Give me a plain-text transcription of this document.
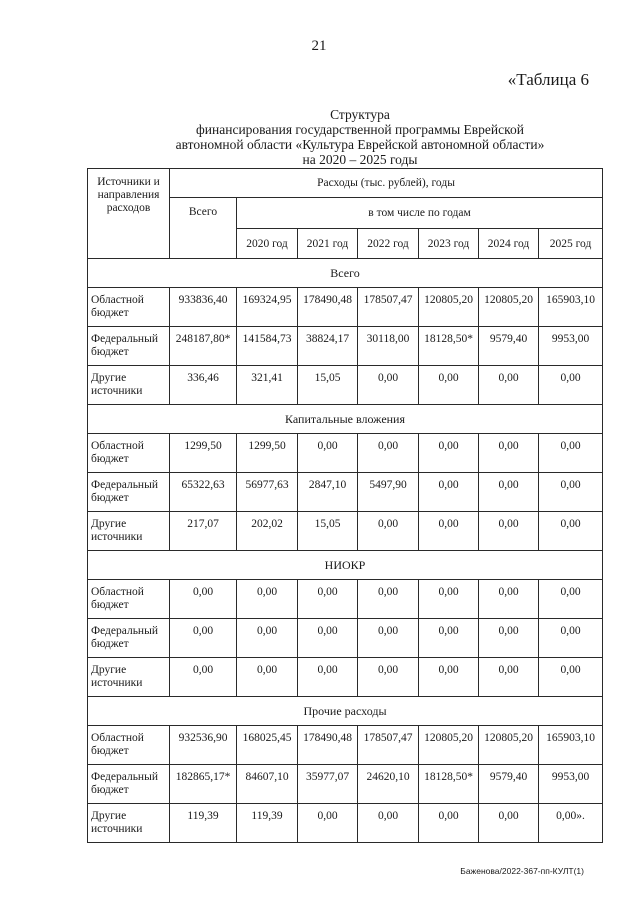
21
«Таблица 6
Структура
финансирования государственной программы Еврейской
автономной области «Культура Еврейской автономной области»
на 2020 – 2025 годы
Источники и направления расходов	Расходы (тыс. рублей), годы						
	Всего	в том числе по годам					
		2020 год	2021 год	2022 год	2023 год	2024 год	2025 год
Всего							
Областной бюджет	933836,40	169324,95	178490,48	178507,47	120805,20	120805,20	165903,10
Федеральный бюджет	248187,80*	141584,73	38824,17	30118,00	18128,50*	9579,40	9953,00
Другие источники	336,46	321,41	15,05	0,00	0,00	0,00	0,00
Капитальные вложения							
Областной бюджет	1299,50	1299,50	0,00	0,00	0,00	0,00	0,00
Федеральный бюджет	65322,63	56977,63	2847,10	5497,90	0,00	0,00	0,00
Другие источники	217,07	202,02	15,05	0,00	0,00	0,00	0,00
НИОКР							
Областной бюджет	0,00	0,00	0,00	0,00	0,00	0,00	0,00
Федеральный бюджет	0,00	0,00	0,00	0,00	0,00	0,00	0,00
Другие источники	0,00	0,00	0,00	0,00	0,00	0,00	0,00
Прочие расходы							
Областной бюджет	932536,90	168025,45	178490,48	178507,47	120805,20	120805,20	165903,10
Федеральный бюджет	182865,17*	84607,10	35977,07	24620,10	18128,50*	9579,40	9953,00
Другие источники	119,39	119,39	0,00	0,00	0,00	0,00	0,00».
Баженова/2022-367-пп-КУЛТ(1)
